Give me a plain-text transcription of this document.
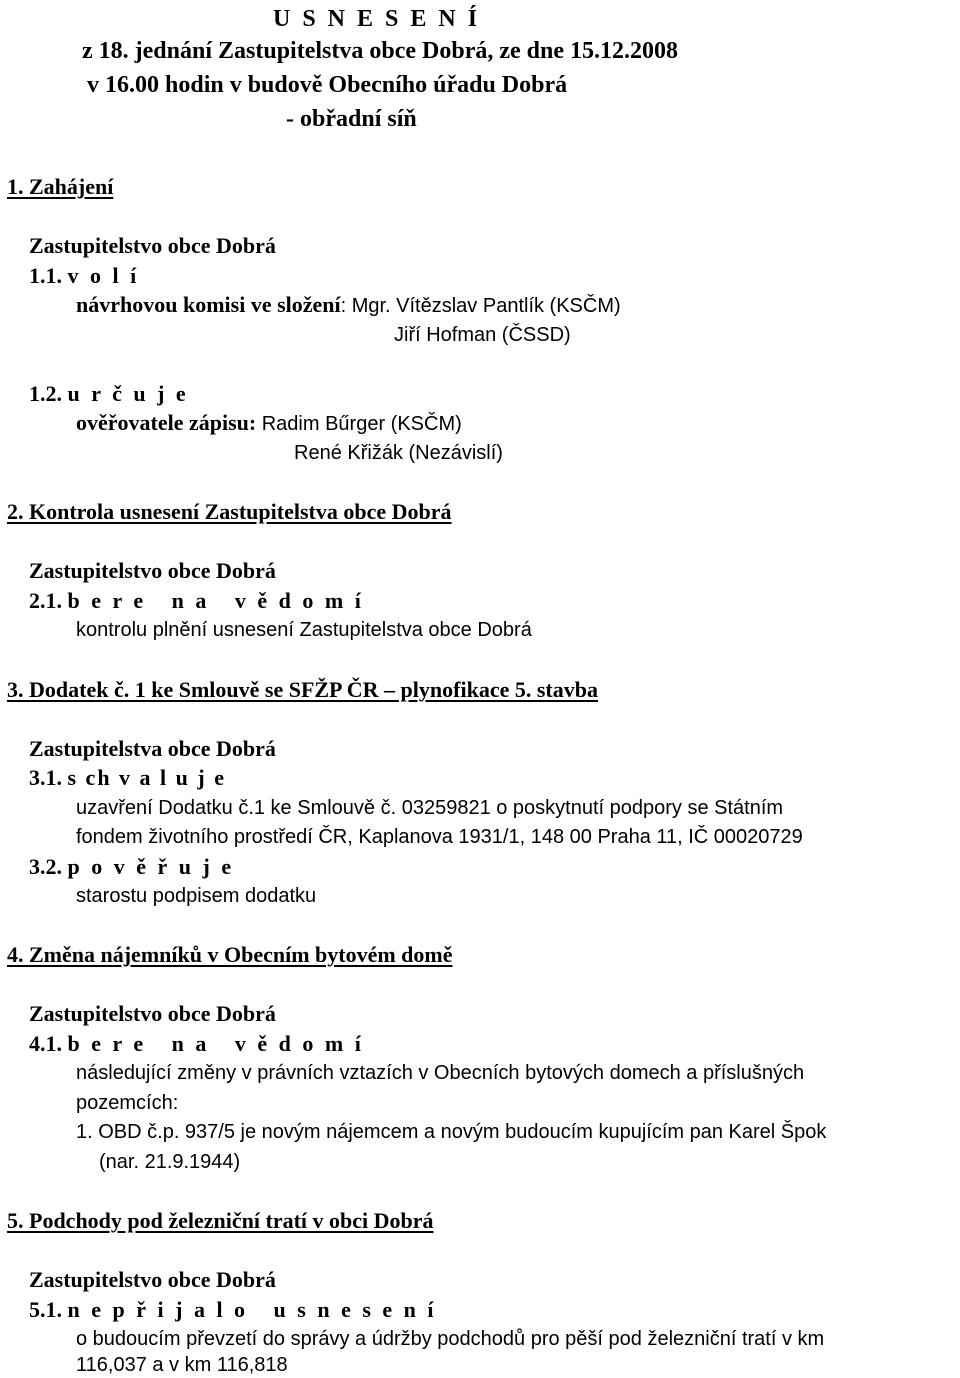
U S N E S E N Í
z 18. jednání Zastupitelstva obce Dobrá, ze dne 15.12.2008
v 16.00 hodin v budově Obecního úřadu Dobrá
- obřadní síň
1. Zahájení
Zastupitelstvo obce Dobrá
1.1. v o l í
návrhovou komisi ve složení: Mgr. Vítězslav Pantlík (KSČM)
Jiří Hofman (ČSSD)
1.2. u r č u j e
ověřovatele zápisu: Radim Bűrger (KSČM)
René Křižák (Nezávislí)
2. Kontrola usnesení Zastupitelstva obce Dobrá
Zastupitelstvo obce Dobrá
2.1. b e r e   n a   v ě d o m í
kontrolu plnění usnesení Zastupitelstva obce Dobrá
3. Dodatek č. 1 ke Smlouvě se SFŽP ČR – plynofikace 5. stavba
Zastupitelstva obce Dobrá
3.1. s ch v a l u j e
uzavření Dodatku č.1 ke Smlouvě č. 03259821 o poskytnutí podpory se Státním
fondem životního prostředí ČR, Kaplanova 1931/1, 148 00 Praha 11, IČ 00020729
3.2. p o v ě ř u j e
starostu podpisem dodatku
4. Změna nájemníků v Obecním bytovém domě
Zastupitelstvo obce Dobrá
4.1. b e r e   n a   v ě d o m í
následující změny v právních vztazích v Obecních bytových domech a příslušných
pozemcích:
1. OBD č.p. 937/5 je novým nájemcem a novým budoucím kupujícím pan Karel Špok
(nar. 21.9.1944)
5. Podchody pod železniční tratí v obci Dobrá
Zastupitelstvo obce Dobrá
5.1. n e p ř i j a l o   u s n e s e n í
o budoucím převzetí do správy a údržby podchodů pro pěší pod železniční tratí v km
116,037 a v km 116,818
